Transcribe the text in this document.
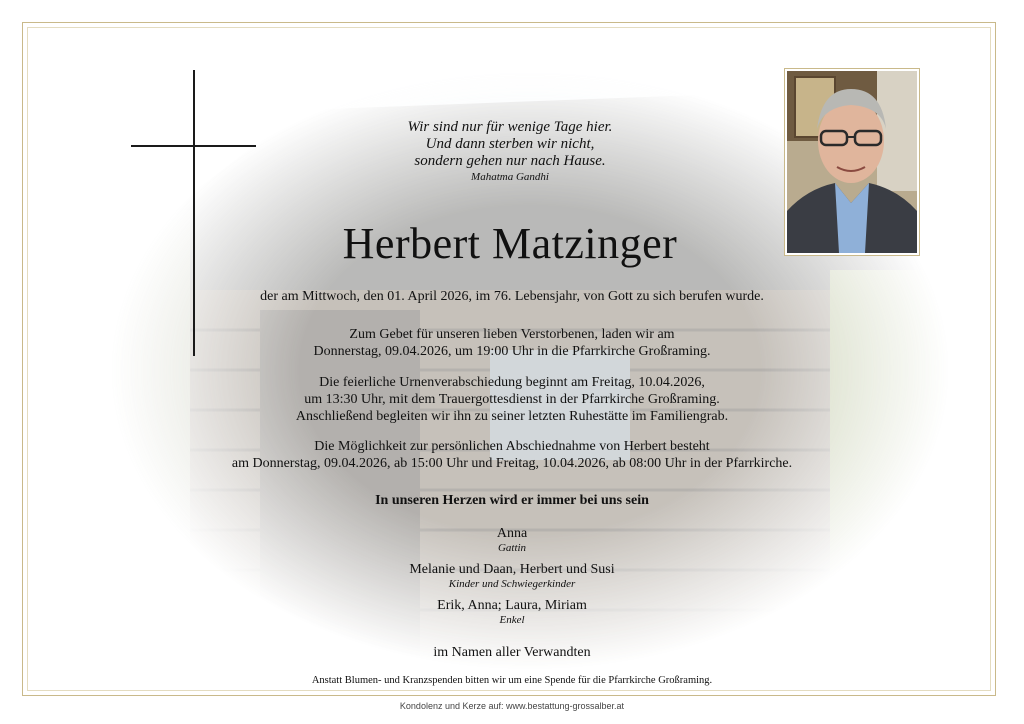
Wir sind nur für wenige Tage hier.
Und dann sterben wir nicht,
sondern gehen nur nach Hause.
Mahatma Gandhi
Herbert Matzinger
der am Mittwoch, den 01. April 2026, im 76. Lebensjahr, von Gott zu sich berufen wurde.
Zum Gebet für unseren lieben Verstorbenen, laden wir am
Donnerstag, 09.04.2026, um 19:00 Uhr in die Pfarrkirche Großraming.
Die feierliche Urnenverabschiedung beginnt am Freitag, 10.04.2026,
um 13:30 Uhr, mit dem Trauergottesdienst in der Pfarrkirche Großraming.
Anschließend begleiten wir ihn zu seiner letzten Ruhestätte im Familiengrab.
Die Möglichkeit zur persönlichen Abschiednahme von Herbert besteht
am Donnerstag, 09.04.2026, ab 15:00 Uhr und Freitag, 10.04.2026, ab 08:00 Uhr in der Pfarrkirche.
In unseren Herzen wird er immer bei uns sein
Anna
Gattin
Melanie und Daan, Herbert und Susi
Kinder und Schwiegerkinder
Erik, Anna; Laura, Miriam
Enkel
im Namen aller Verwandten
Anstatt Blumen- und Kranzspenden bitten wir um eine Spende für die Pfarrkirche Großraming.
Kondolenz und Kerze auf: www.bestattung-grossalber.at
